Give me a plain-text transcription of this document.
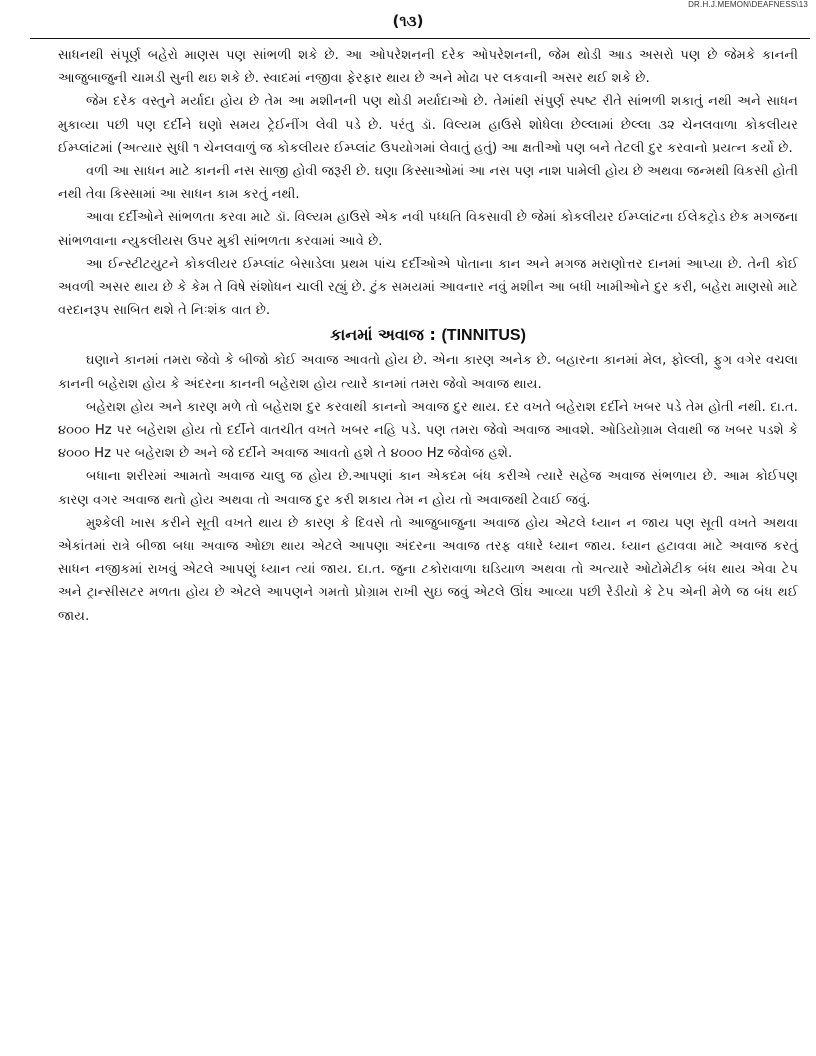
DR.H.J.MEMON\DEAFNESS\13
(૧૩)

સાધનથી સંપૂર્ણ બહેરો માણસ પણ સાંભળી શકે છે. આ ઓપરેશનની દરેક ઓપરેશનની, જેમ થોડી આડ અસરો પણ છે જેમકે કાનની આજુબાજુની ચામડી સુની થઇ શકે છે. સ્વાદમાં નજીવા ફેરફાર થાય છે અને મોઢા પર લકવાની અસર થઈ શકે છે.

જેમ દરેક વસ્તુને મર્યાદા હોય છે તેમ આ મશીનની પણ થોડી મર્યાદાઓ છે. તેમાંથી સંપુર્ણ સ્પષ્ટ રીતે સાંભળી શકાતું નથી અને સાધન મુકાવ્યા પછી પણ દર્દીને ઘણો સમય ટ્રેઈનીંગ લેવી પડે છે. પરંતુ ડૉ. વિલ્યમ હાઉસે શોધેલા છેલ્લામાં છેલ્લા ૩૨ ચેનલવાળા કોકલીયર ઈમ્પ્લાંટમાં (અત્યાર સુધી ૧ ચેનલવાળું જ કોકલીયર ઈમ્પ્લાંટ ઉપયોગમાં લેવાતું હતું) આ ક્ષતીઓ પણ બને તેટલી દુર કરવાનો પ્રયત્ન કર્યો છે.

વળી આ સાધન માટે કાનની નસ સાજી હોવી જરૂરી છે. ઘણા કિસ્સાઓમાં આ નસ પણ નાશ પામેલી હોય છે અથવા જન્મથી વિકસી હોતી નથી તેવા કિસ્સામાં આ સાધન કામ કરતું નથી.

આવા દર્દીઓને સાંભળતા કરવા માટે ડૉ. વિલ્યમ હાઉસે એક નવી પધ્ધતિ વિકસાવી છે જેમાં કોકલીયર ઈમ્પ્લાંટના ઈલેકટ્રોડ છેક મગજના સાંભળવાના ન્યુકલીયસ ઉપર મુકી સાંભળતા કરવામાં આવે છે.

આ ઈન્સ્ટીટયુટને કોકલીયર ઈમ્પ્લાંટ બેસાડેલા પ્રથમ પાંચ દર્દીઓએ પોતાના કાન અને મગજ મરાણોત્તર દાનમાં આપ્યા છે. તેની કોઈ અવળી અસર થાય છે કે કેમ તે વિષે સંશોધન ચાલી રહ્યું છે. ટુંક સમયમાં આવનાર નવું મશીન આ બધી ખામીઓને દુર કરી, બહેરા માણસો માટે વરદાનરૂપ સાબિત થશે તે નિઃશંક વાત છે.

કાનમાં અવાજ : (TINNITUS)

ઘણાને કાનમાં તમરા જેવો કે બીજો કોઈ અવાજ આવતો હોય છે. એના કારણ અનેક છે. બહારના કાનમાં મેલ, ફોલ્લી, ફુગ વગેર વચલા કાનની બહેરાશ હોય કે અંદરના કાનની બહેરાશ હોય ત્યારે કાનમાં તમરા જેવો અવાજ થાય.

બહેરાશ હોય અને કારણ મળે તો બહેરાશ દુર કરવાથી કાનનો અવાજ દુર થાય. દર વખતે બહેરાશ દર્દીને ખબર પડે તેમ હોતી નથી. દા.ત. ૪૦૦૦ Hz પર બહેરાશ હોય તો દર્દીને વાતચીત વખતે ખબર નહિ પડે. પણ તમરા જેવો અવાજ આવશે. ઓડિયોગ્રામ લેવાથી જ ખબર પડશે કે ૪૦૦૦ Hz પર બહેરાશ છે અને જે દર્દીને અવાજ આવતો હશે તે ૪૦૦૦ Hz જેવોજ હશે.

બધાના શરીરમાં આમતો અવાજ ચાલુ જ હોય છે.આપણાં કાન એકદમ બંધ કરીએ ત્યારે સહેજ અવાજ સંભળાય છે. આમ કોઈપણ કારણ વગર અવાજ થતો હોય અથવા તો અવાજ દુર કરી શકાય તેમ ન હોય તો અવાજથી ટેવાઈ જવું.

મુશ્કેલી ખાસ કરીને સૂતી વખતે થાય છે કારણ કે દિવસે તો આજુબાજુના અવાજ હોય એટલે ધ્યાન ન જાય પણ સૂતી વખતે અથવા એકાંતમાં રાત્રે બીજા બધા અવાજ ઓછા થાય એટલે આપણા અંદરના અવાજ તરફ વધારે ધ્યાન જાય. ધ્યાન હટાવવા માટે અવાજ કરતું સાધન નજીકમાં રાખવું એટલે આપણું ધ્યાન ત્યાં જાય. દા.ત. જુના ટકોરાવાળા ઘડિયાળ અથવા તો અત્યારે ઓટોમેટીક બંધ થાય એવા ટેપ અને ટ્રાન્સીસટર મળતા હોય છે એટલે આપણને ગમતો પ્રોગ્રામ રાખી સુઇ જવું એટલે ઊંઘ આવ્યા પછી રેડીયો કે ટેપ એની મેળે જ બંધ થઈ જાય.
